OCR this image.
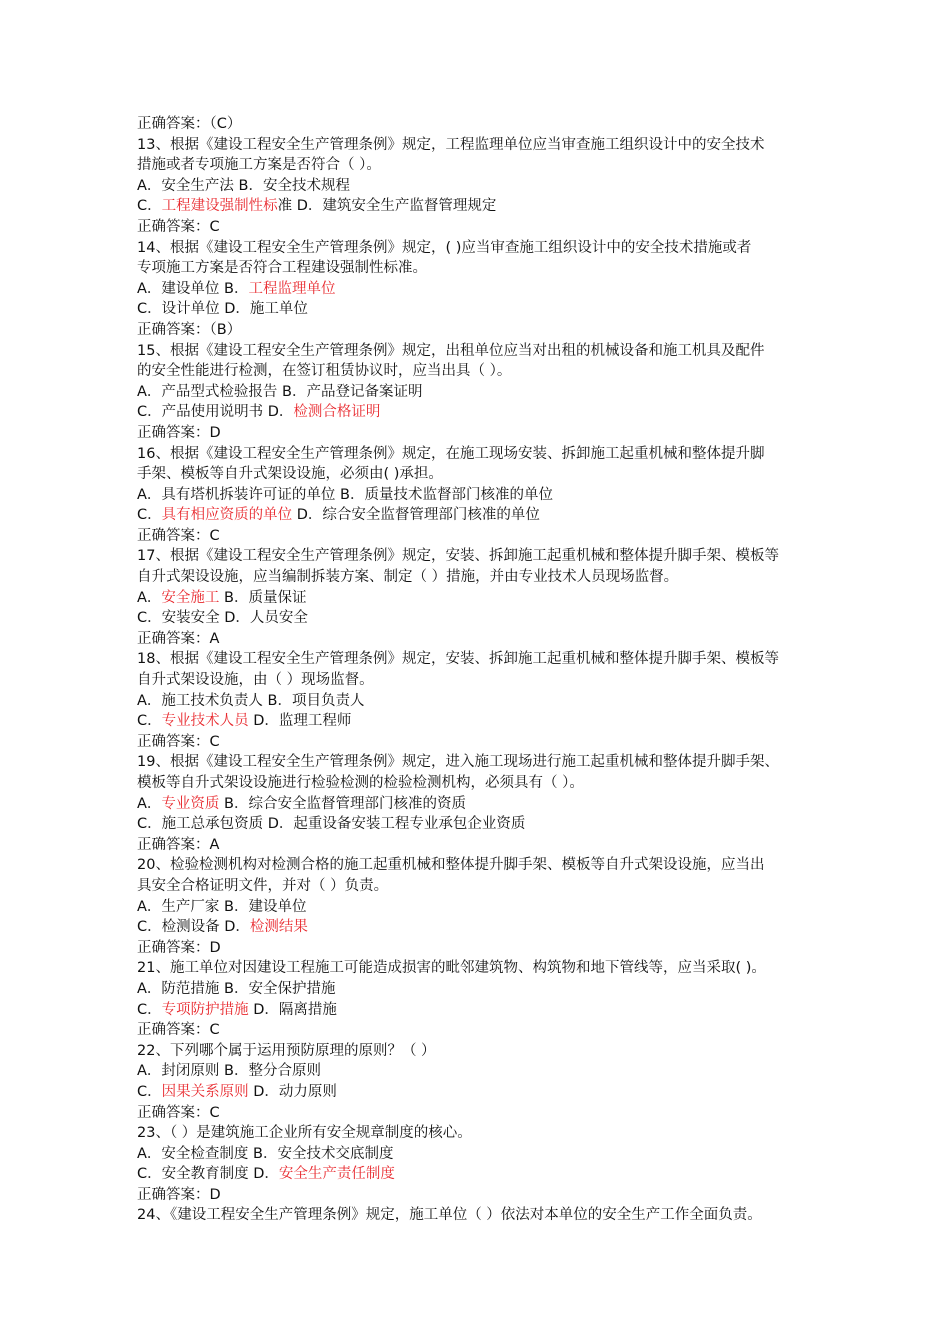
正确答案：（C）
13、根据《建设工程安全生产管理条例》规定，工程监理单位应当审查施工组织设计中的安全技术
措施或者专项施工方案是否符合（ ）。
A．安全生产法 B．安全技术规程
C．工程建设强制性标准 D．建筑安全生产监督管理规定
正确答案：C
14、根据《建设工程安全生产管理条例》规定，( )应当审查施工组织设计中的安全技术措施或者
专项施工方案是否符合工程建设强制性标准。
A．建设单位 B．工程监理单位
C．设计单位 D．施工单位
正确答案：（B）
15、根据《建设工程安全生产管理条例》规定，出租单位应当对出租的机械设备和施工机具及配件
的安全性能进行检测，在签订租赁协议时，应当出具（ ）。
A．产品型式检验报告 B．产品登记备案证明
C．产品使用说明书 D．检测合格证明
正确答案：D
16、根据《建设工程安全生产管理条例》规定，在施工现场安装、拆卸施工起重机械和整体提升脚
手架、模板等自升式架设设施，必须由( )承担。
A．具有塔机拆装许可证的单位 B．质量技术监督部门核准的单位
C．具有相应资质的单位 D．综合安全监督管理部门核准的单位
正确答案：C
17、根据《建设工程安全生产管理条例》规定，安装、拆卸施工起重机械和整体提升脚手架、模板等
自升式架设设施，应当编制拆装方案、制定（ ）措施，并由专业技术人员现场监督。
A．安全施工 B．质量保证
C．安装安全 D．人员安全
正确答案：A
18、根据《建设工程安全生产管理条例》规定，安装、拆卸施工起重机械和整体提升脚手架、模板等
自升式架设设施，由（ ）现场监督。
A．施工技术负责人 B．项目负责人
C．专业技术人员 D．监理工程师
正确答案：C
19、根据《建设工程安全生产管理条例》规定，进入施工现场进行施工起重机械和整体提升脚手架、
模板等自升式架设设施进行检验检测的检验检测机构，必须具有（ ）。
A．专业资质 B．综合安全监督管理部门核准的资质
C．施工总承包资质 D．起重设备安装工程专业承包企业资质
正确答案：A
20、检验检测机构对检测合格的施工起重机械和整体提升脚手架、模板等自升式架设设施，应当出
具安全合格证明文件，并对（ ）负责。
A．生产厂家 B．建设单位
C．检测设备 D．检测结果
正确答案：D
21、施工单位对因建设工程施工可能造成损害的毗邻建筑物、构筑物和地下管线等，应当采取( )。
A．防范措施 B．安全保护措施
C．专项防护措施 D．隔离措施
正确答案：C
22、下列哪个属于运用预防原理的原则？（ ）
A．封闭原则 B．整分合原则
C．因果关系原则 D．动力原则
正确答案：C
23、（ ）是建筑施工企业所有安全规章制度的核心。
A．安全检查制度 B．安全技术交底制度
C．安全教育制度 D．安全生产责任制度
正确答案：D
24、《建设工程安全生产管理条例》规定，施工单位（ ）依法对本单位的安全生产工作全面负责。
